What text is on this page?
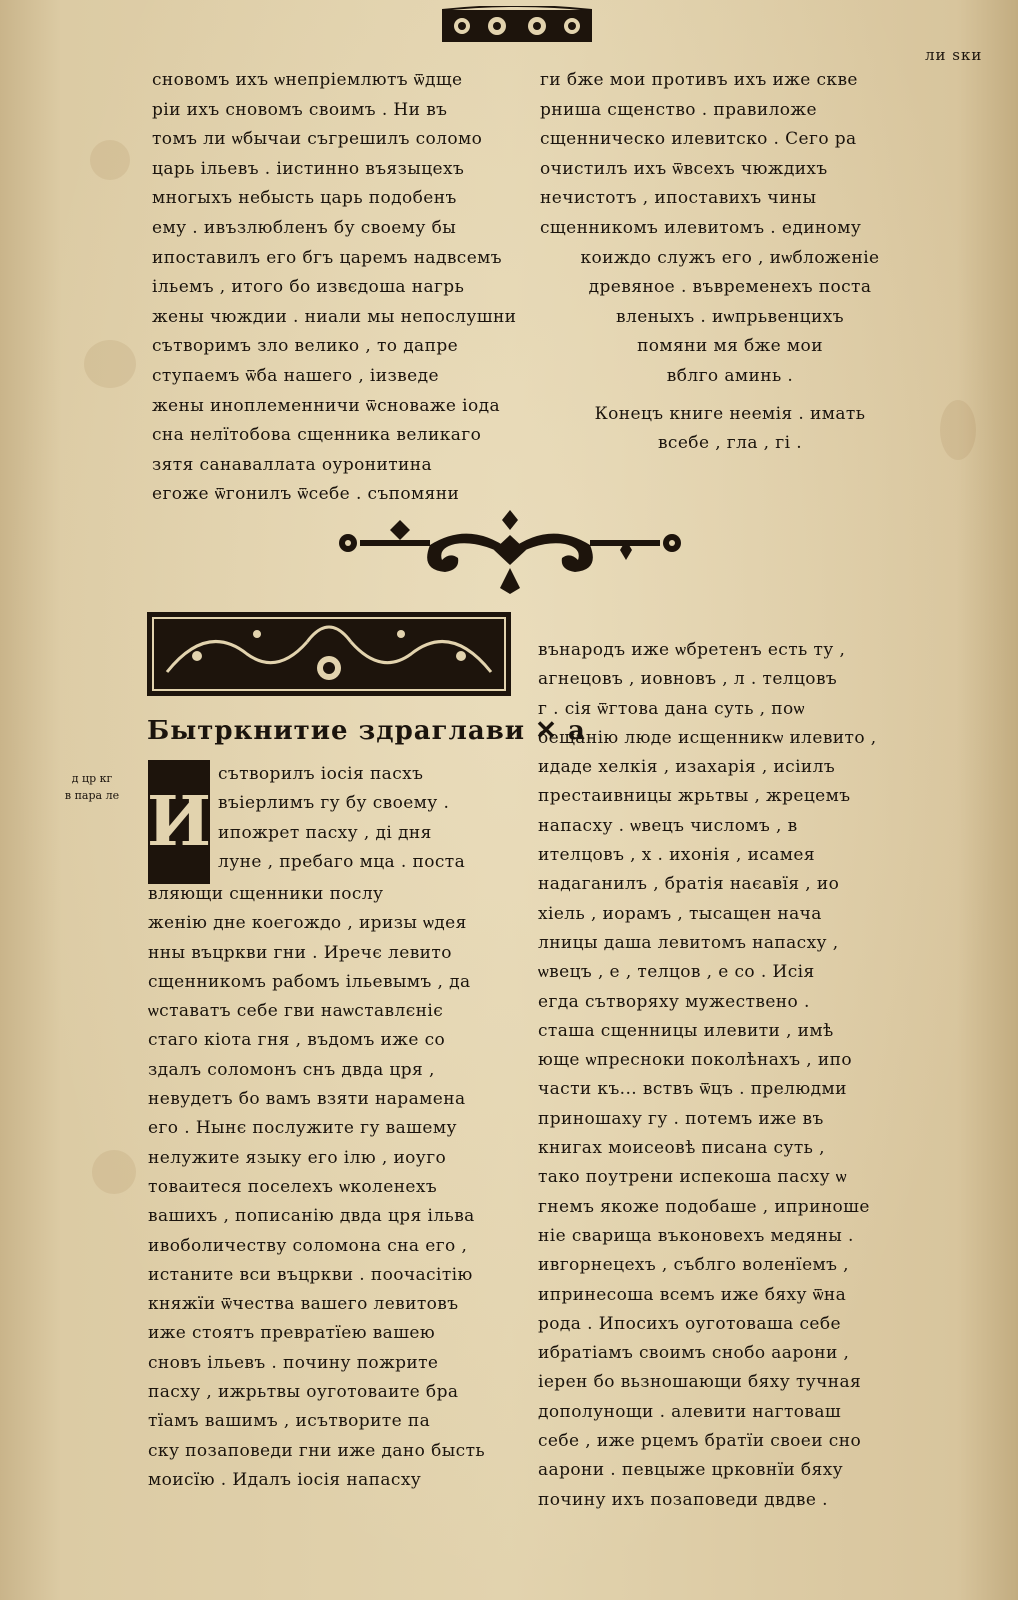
ли ѕки
сновомъ ихъ ѡнепріемлютъ ѿдще
ріи ихъ сновомъ своимъ . Ни въ
томъ ли ѡбычаи съгрешилъ соломо
царь ільевъ . іистинно въязыцехъ
многыхъ небысть царь подобенъ
ему . ивъзлюбленъ бу своему бы
ипоставилъ его бгъ царемъ надвсемъ
ільемъ , итого бо извєдоша нагрь
жены чюждии . ниали мы непослушни
сътворимъ зло велико , то дапре
ступаемъ ѿба нашего , іизведе
жены иноплеменничи ѿсноваже іода
сна нелїтобова сщенника великаго
зятя санаваллата оуронитина
егоже ѿгонилъ ѿсебе . съпомяни
ги бже мои противъ ихъ иже скве
рниша сщенство . правиложе
сщенническо илевитско . Сего ра
очистилъ ихъ ѿвсехъ чюждихъ
нечистотъ , ипоставихъ чины
сщенникомъ илевитомъ . единому
коиждо служъ его , иѡбложеніе
древяное . въвременехъ поста
вленыхъ . иѡпрьвенцихъ
помяни мя бже мои
вблго аминь .
Конецъ книге неемія . имать
всебе , гла , гі .
Бытркнитие здраглави ✕ а
д цр кг
в пара ле И
сътворилъ іосія пасхъ
въіерлимъ гу бу своему .
ипожрет пасху , ді дня
луне , пребаго мца . поста
вляющи сщенники послу
женію дне коегождо , иризы ѡдея
нны въцркви гни . Иречє левито
сщенникомъ рабомъ ільевымъ , да
ѡставатъ себе гви наѡставлєніє
стаго кіота гня , въдомъ иже со
здалъ соломонъ снъ двда цря ,
невудетъ бо вамъ взяти нарамена
его . Нынє послужите гу вашему
нелужите языку его ілю , иоуго
товаитеся поселехъ ѡколенехъ
вашихъ , пописанію двда цря ільва
ивоболичеству соломона сна его ,
истаните вси въцркви . поочасітію
княжїи ѿчества вашего левитовъ
иже стоятъ превратїею вашею
сновъ ільевъ . почину пожрите
пасху , ижрьтвы оуготоваите бра
тїамъ вашимъ , исътворите па
ску позаповеди гни иже дано бысть
моисїю . Идалъ іосія напасху
вънародъ иже ѡбретенъ есть ту ,
агнецовъ , иовновъ , л . телцовъ
г . сія ѿгтова дана суть , поѡ
бещанію люде исщенниκѡ илевито ,
идаде хелкія , изахарія , исіилъ
престаивницы жрьтвы , жрецемъ
напасху . ѡвецъ числомъ , в
ителцовъ , х . ихонія , исамея
надаганилъ , братія наєавїя , ио
хіель , иорамъ , тысащен нача
лницы даша левитомъ напасху ,
ѡвецъ , е , телцов , е со . Исія
егда сътворяху мужествено .
сташа сщенницы илевити , имѣ
юще ѡпресноки поколѣнахъ , ипо
части къ... вствъ ѿцъ . прелюдми
приношаху гу . потемъ иже въ
книгах моисеовѣ писана суть ,
тако поутрени испекоша пасху ѡ
гнемъ якоже подобаше , иприноше
ніе сварища въконовехъ медяны .
ивгорнецехъ , съблго воленїемъ ,
ипринесоша всемъ иже бяху ѿна
рода . Ипосихъ оуготоваша себе
ибратіамъ своимъ снобо аарони ,
іерен бо вьзношающи бяху тучная
дополунощи . алевити нагтоваш
себе , иже рцемъ братїи своеи сно
аарони . певцыже црковнїи бяху
почину ихъ позаповеди двдве .
